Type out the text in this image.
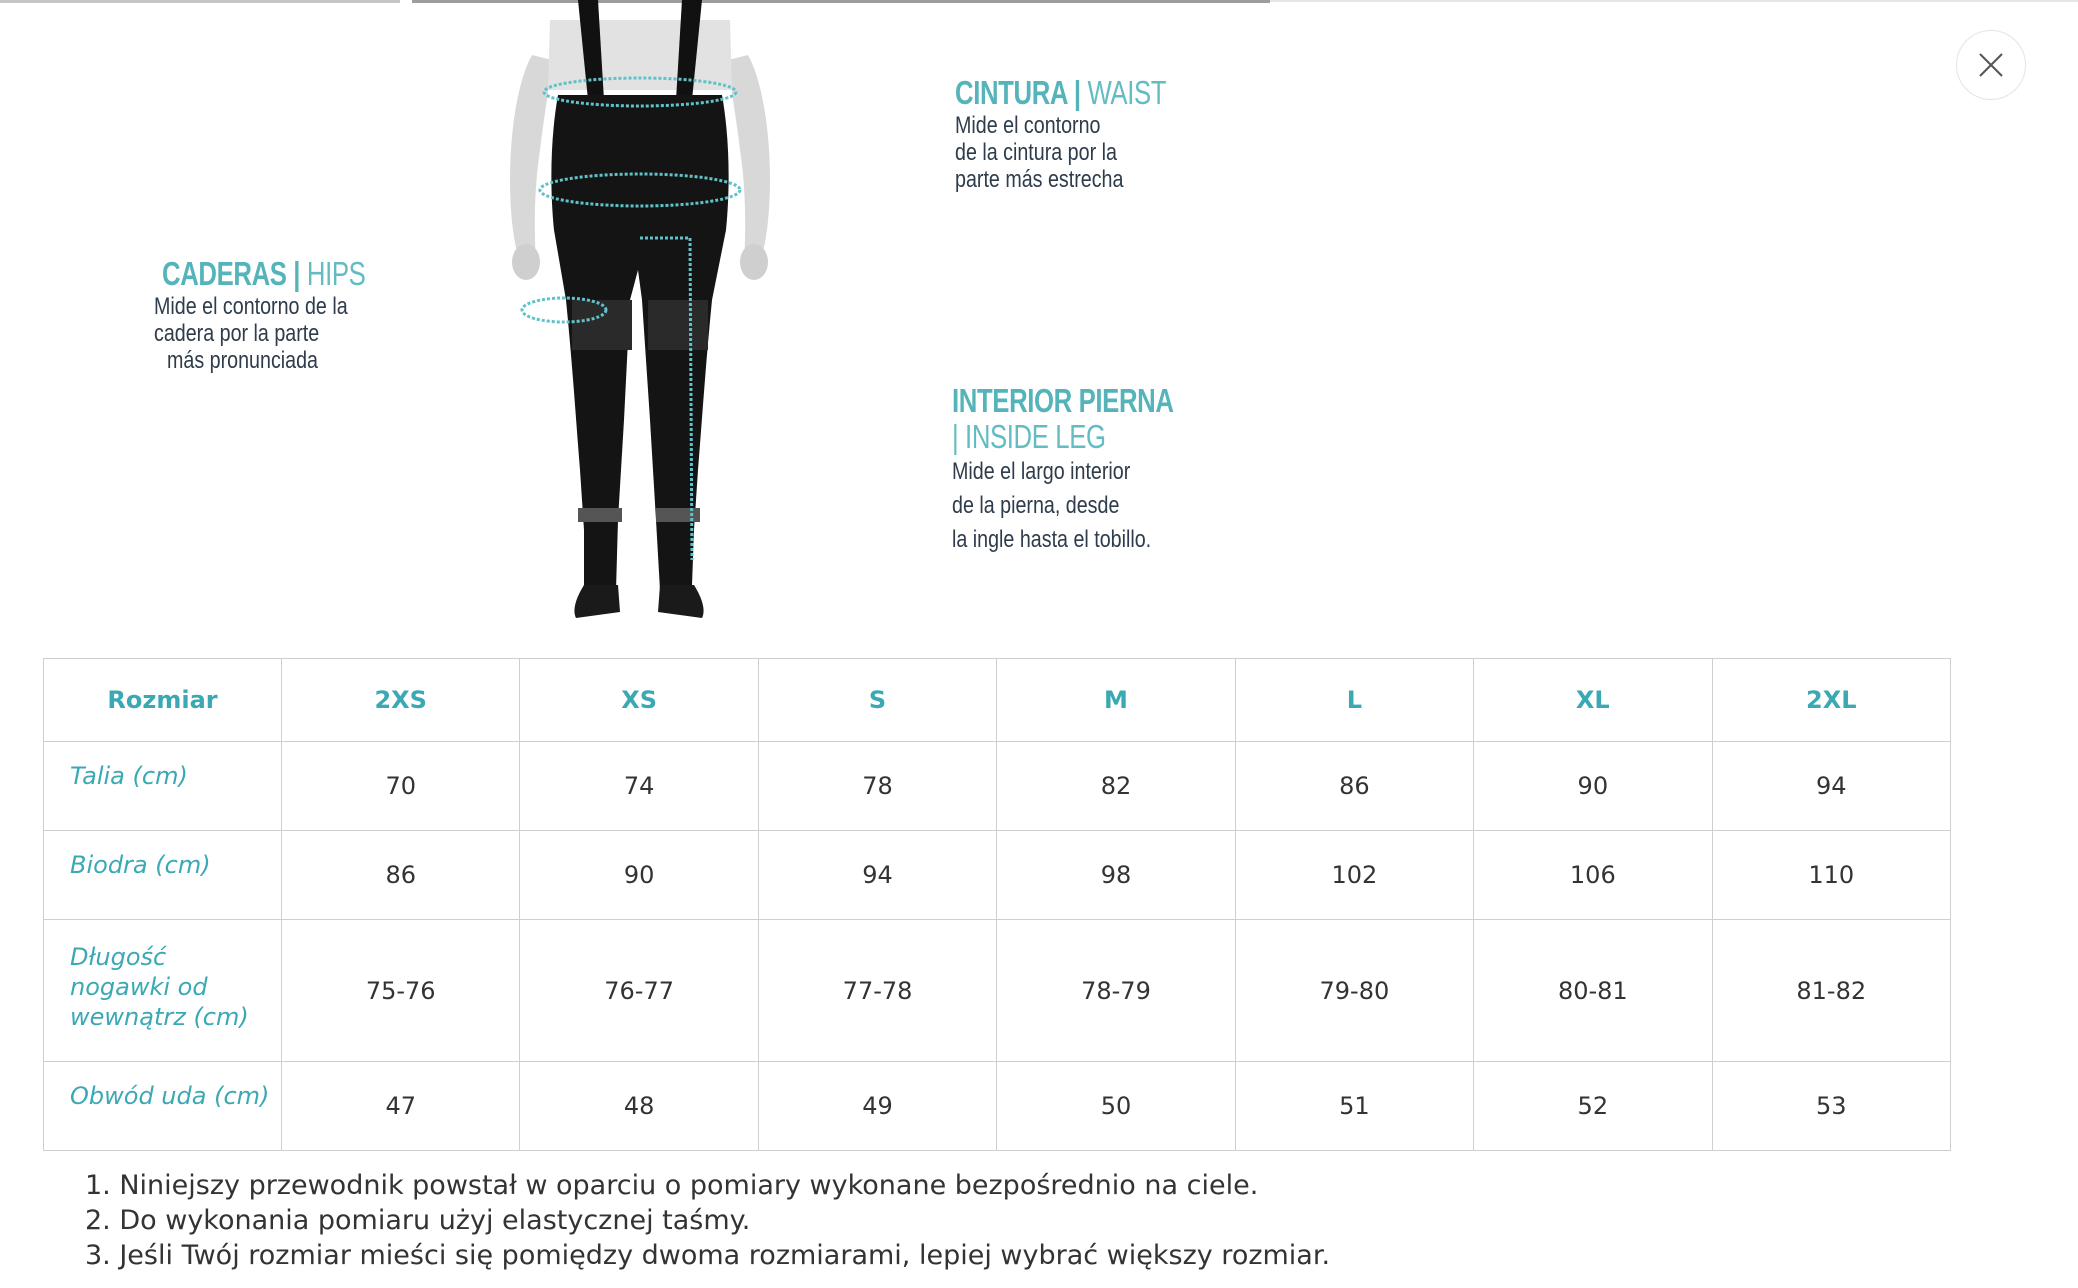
CINTURA | WAIST
Mide el contorno
de la cintura por la
parte más estrecha
CADERAS | HIPS
Mide el contorno de la
cadera por la parte
más pronunciada
INTERIOR PIERNA
| INSIDE LEG
Mide el largo interior
de la pierna, desde
la ingle hasta el tobillo.
Rozmiar	2XS	XS	S	M	L	XL	2XL

Talia (cm)	70	74	78	82	86	90	94

Biodra (cm)	86	90	94	98	102	106	110

Długość
nogawki od
wewnątrz (cm)	75-76	76-77	77-78	78-79	79-80	80-81	81-82

Obwód uda (cm)	47	48	49	50	51	52	53
1. Niniejszy przewodnik powstał w oparciu o pomiary wykonane bezpośrednio na ciele.
2. Do wykonania pomiaru użyj elastycznej taśmy.
3. Jeśli Twój rozmiar mieści się pomiędzy dwoma rozmiarami, lepiej wybrać większy rozmiar.
